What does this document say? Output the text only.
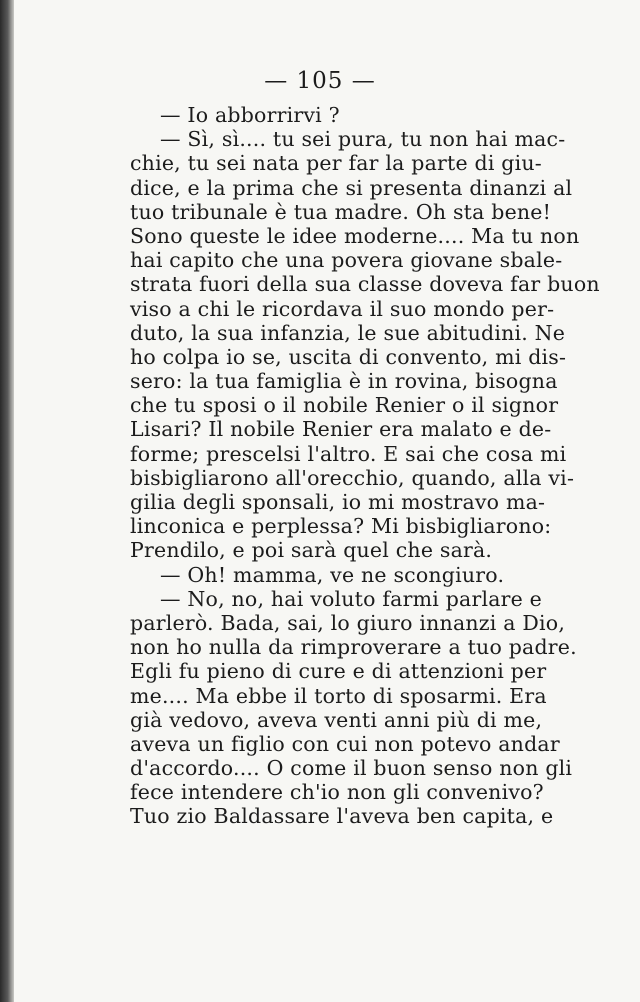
— 105 —
— Io abborrirvi ?
— Sì, sì.... tu sei pura, tu non hai mac-
chie, tu sei nata per far la parte di giu-
dice, e la prima che si presenta dinanzi al
tuo tribunale è tua madre. Oh sta bene!
Sono queste le idee moderne.... Ma tu non
hai capito che una povera giovane sbale-
strata fuori della sua classe doveva far buon
viso a chi le ricordava il suo mondo per-
duto, la sua infanzia, le sue abitudini. Ne
ho colpa io se, uscita di convento, mi dis-
sero: la tua famiglia è in rovina, bisogna
che tu sposi o il nobile Renier o il signor
Lisari? Il nobile Renier era malato e de-
forme; prescelsi l'altro. E sai che cosa mi
bisbigliarono all'orecchio, quando, alla vi-
gilia degli sponsali, io mi mostravo ma-
linconica e perplessa? Mi bisbigliarono:
Prendilo, e poi sarà quel che sarà.
— Oh! mamma, ve ne scongiuro.
— No, no, hai voluto farmi parlare e
parlerò. Bada, sai, lo giuro innanzi a Dio,
non ho nulla da rimproverare a tuo padre.
Egli fu pieno di cure e di attenzioni per
me.... Ma ebbe il torto di sposarmi. Era
già vedovo, aveva venti anni più di me,
aveva un figlio con cui non potevo andar
d'accordo.... O come il buon senso non gli
fece intendere ch'io non gli convenivo?
Tuo zio Baldassare l'aveva ben capita, e
